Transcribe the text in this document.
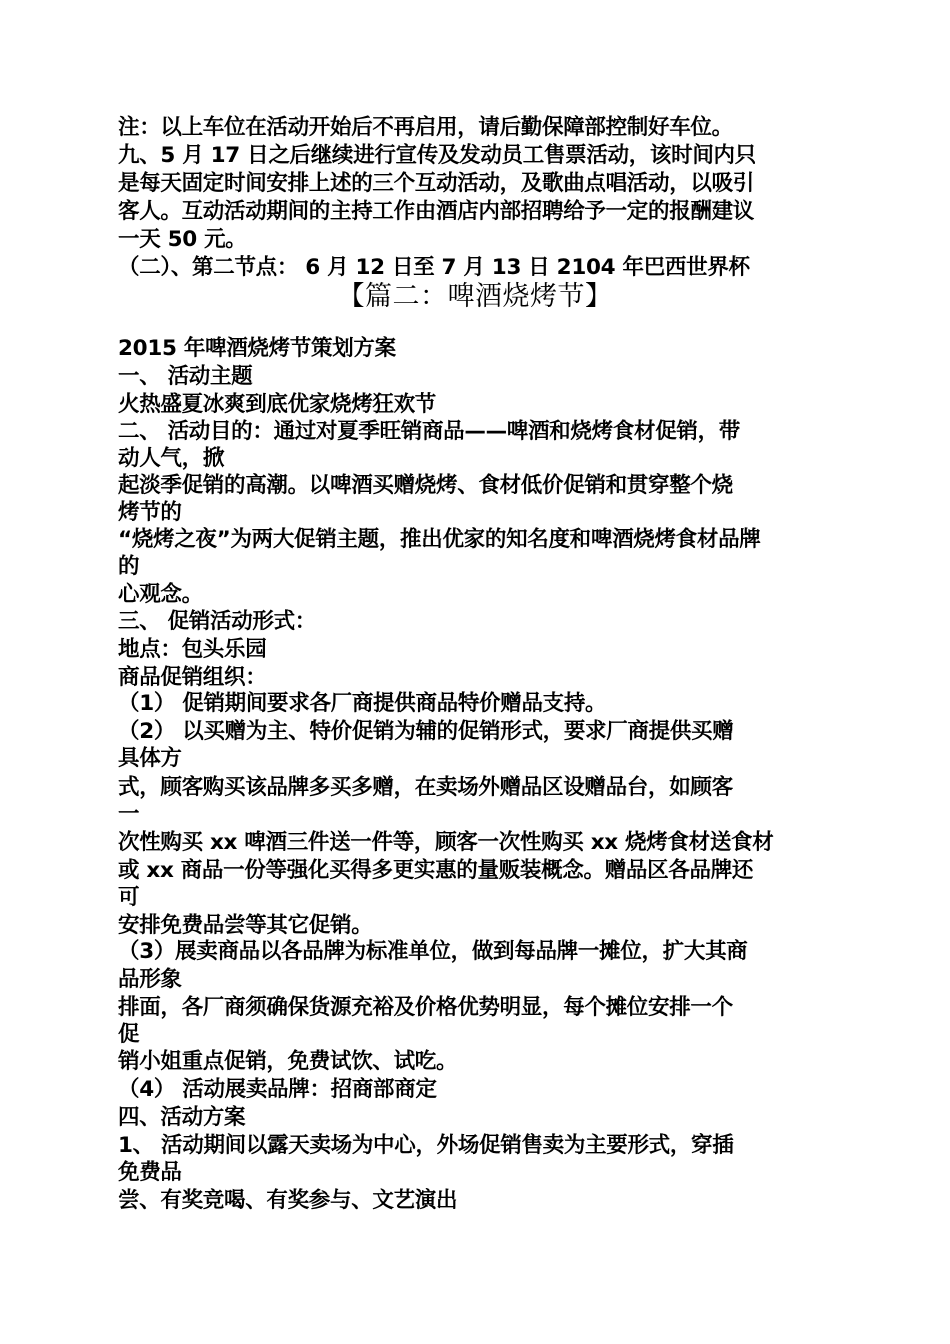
注：以上车位在活动开始后不再启用，请后勤保障部控制好车位。
九、5 月 17 日之后继续进行宣传及发动员工售票活动，该时间内只
是每天固定时间安排上述的三个互动活动，及歌曲点唱活动，以吸引
客人。互动活动期间的主持工作由酒店内部招聘给予一定的报酬建议
一天 50 元。
（二）、第二节点： 6 月 12 日至 7 月 13 日 2104 年巴西世界杯
【篇二：啤酒烧烤节】
2015 年啤酒烧烤节策划方案
一、 活动主题
火热盛夏冰爽到底优家烧烤狂欢节
二、 活动目的：通过对夏季旺销商品——啤酒和烧烤食材促销，带
动人气，掀
起淡季促销的高潮。以啤酒买赠烧烤、食材低价促销和贯穿整个烧
烤节的
“烧烤之夜”为两大促销主题，推出优家的知名度和啤酒烧烤食材品牌
的
心观念。
三、 促销活动形式：
地点：包头乐园
商品促销组织：
（1） 促销期间要求各厂商提供商品特价赠品支持。
（2） 以买赠为主、特价促销为辅的促销形式，要求厂商提供买赠
具体方
式，顾客购买该品牌多买多赠，在卖场外赠品区设赠品台，如顾客
一
次性购买 xx 啤酒三件送一件等，顾客一次性购买 xx 烧烤食材送食材
或 xx 商品一份等强化买得多更实惠的量贩装概念。赠品区各品牌还
可
安排免费品尝等其它促销。
（3）展卖商品以各品牌为标准单位，做到每品牌一摊位，扩大其商
品形象
排面，各厂商须确保货源充裕及价格优势明显，每个摊位安排一个
促
销小姐重点促销，免费试饮、试吃。
（4） 活动展卖品牌：招商部商定
四、活动方案
1、 活动期间以露天卖场为中心，外场促销售卖为主要形式，穿插
免费品
尝、有奖竞喝、有奖参与、文艺演出
